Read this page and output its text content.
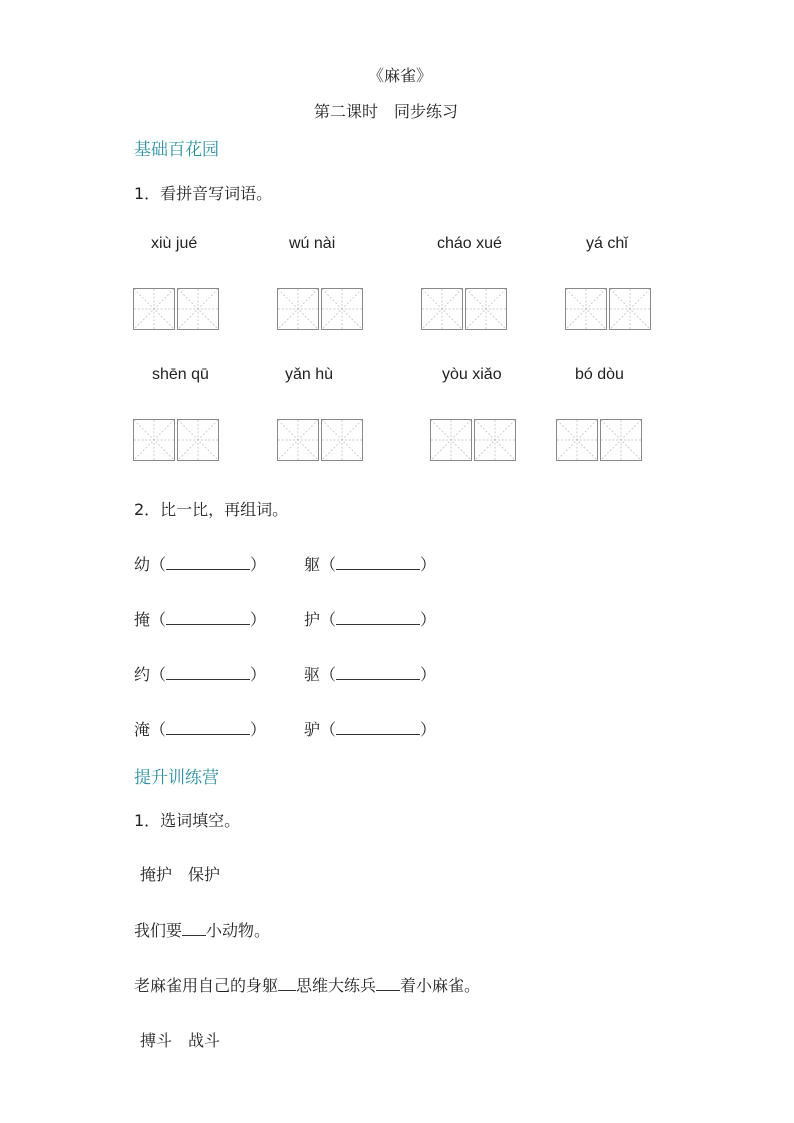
《麻雀》
第二课时　同步练习
基础百花园
1．看拼音写词语。
xiù jué	wú nài	cháo xué	yá chǐ
shēn qū	yǎn hù	yòu xiǎo	bó dòu
2．比一比，再组词。
幼（	） 躯（	）
掩（	） 护（	）
约（	） 驱（	）
淹（	） 驴（	）
提升训练营
1．选词填空。
掩护　保护
我们要 小动物。
老麻雀用自己的身躯 思维大练兵 着小麻雀。
搏斗　战斗
